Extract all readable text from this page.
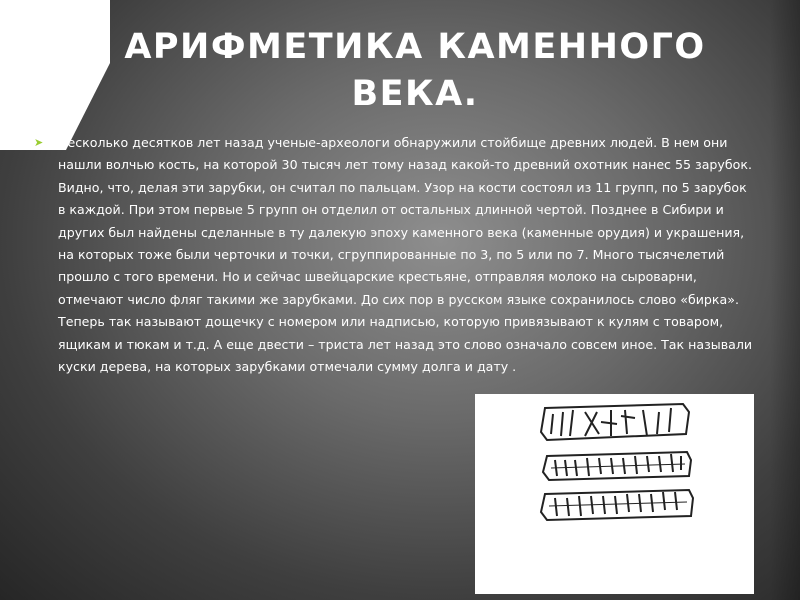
АРИФМЕТИКА КАМЕННОГО ВЕКА.
➤ Несколько десятков лет назад ученые-археологи обнаружили стойбище древних людей. В нем они нашли волчью кость, на которой 30 тысяч лет тому назад какой-то древний охотник нанес 55 зарубок. Видно, что, делая эти зарубки, он считал по пальцам. Узор на кости состоял из 11 групп, по 5 зарубок в каждой. При этом первые 5 групп он отделил от остальных длинной чертой. Позднее в Сибири и других был найдены сделанные в ту далекую эпоху каменного века (каменные орудия) и украшения, на которых тоже были черточки и точки, сгруппированные по 3, по 5 или по 7. Много тысячелетий прошло с того времени. Но и сейчас швейцарские крестьяне, отправляя молоко на сыроварни, отмечают число фляг такими же зарубками. До сих пор в русском языке сохранилось слово «бирка». Теперь так называют дощечку с номером или надписью, которую привязывают к кулям с товаром, ящикам и тюкам и т.д. А еще двести – триста лет назад это слово означало совсем иное. Так называли куски дерева, на которых зарубками отмечали сумму долга и дату .
